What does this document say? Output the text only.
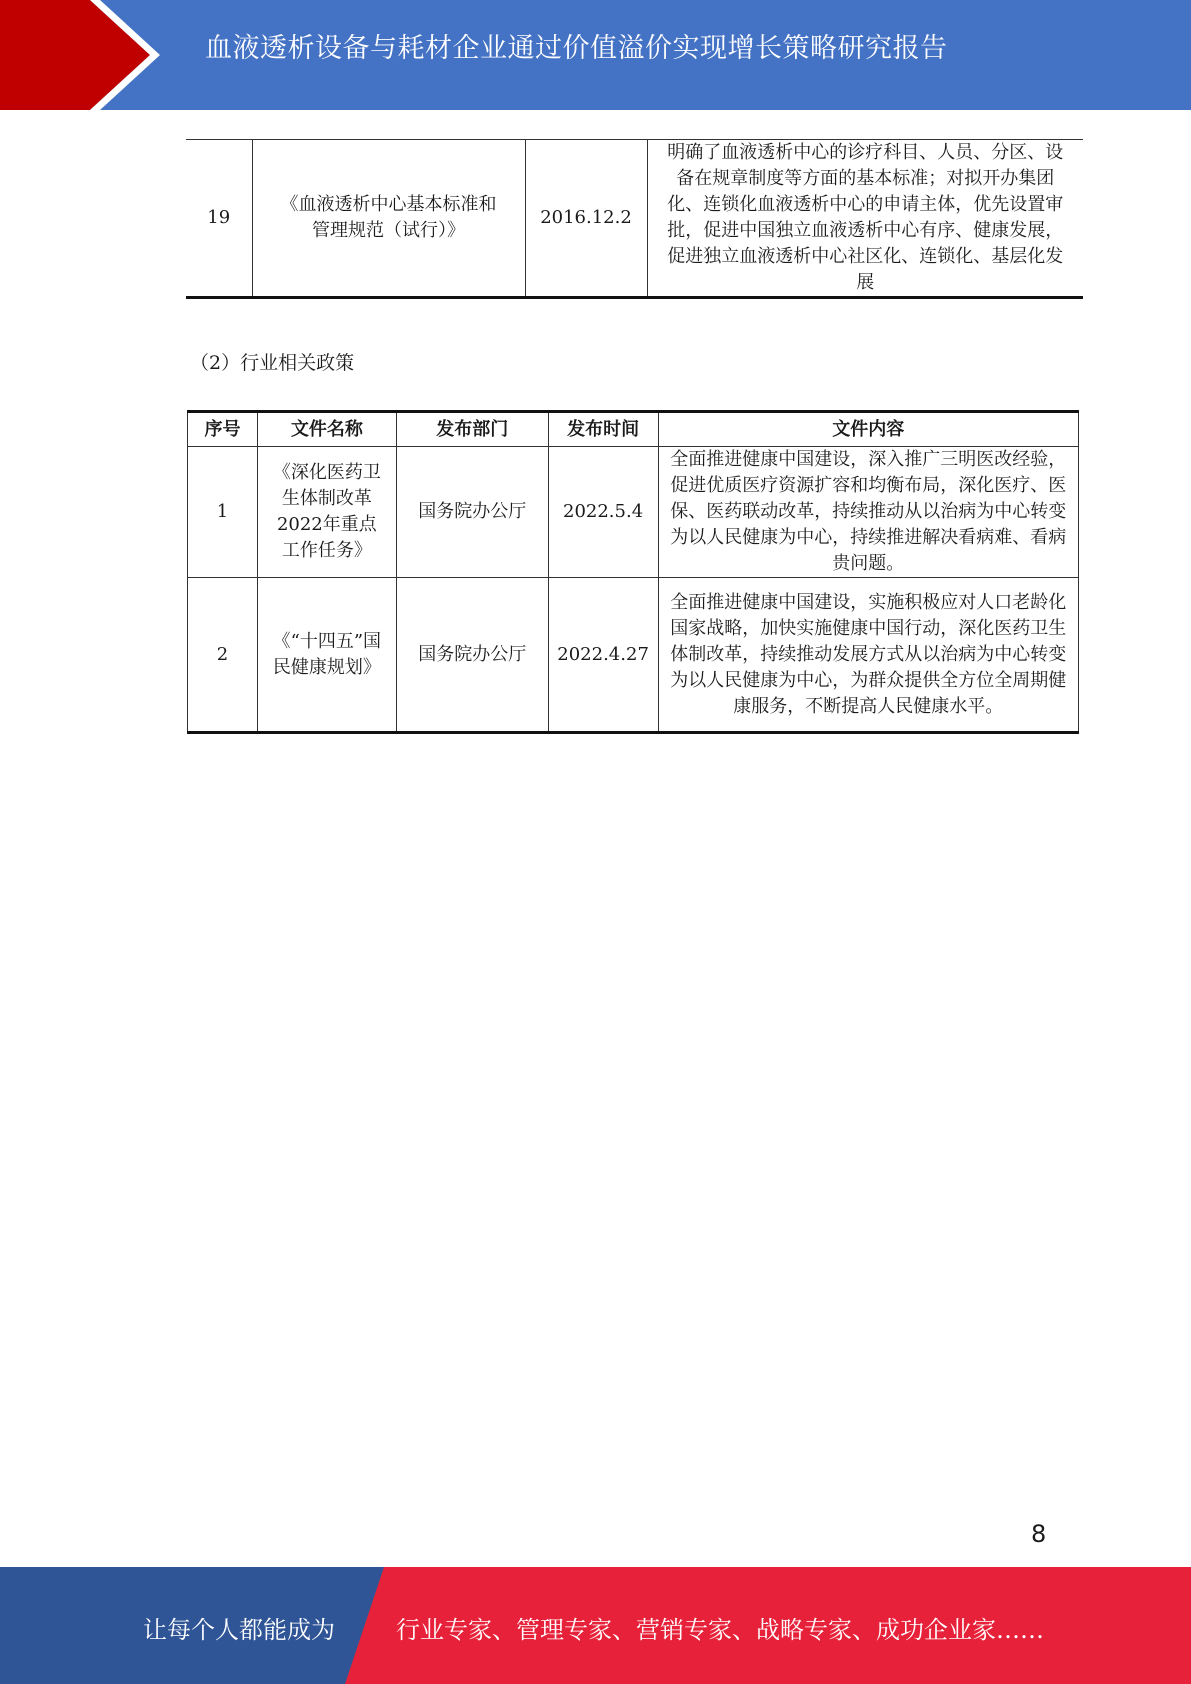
血液透析设备与耗材企业通过价值溢价实现增长策略研究报告
19	《血液透析中心基本标准和管理规范（试行）》	2016.12.2	明确了血液透析中心的诊疗科目、人员、分区、设备在规章制度等方面的基本标准；对拟开办集团化、连锁化血液透析中心的申请主体，优先设置审批，促进中国独立血液透析中心有序、健康发展，促进独立血液透析中心社区化、连锁化、基层化发展
（2）行业相关政策
序号	文件名称	发布部门	发布时间	文件内容
1	《深化医药卫生体制改革2022年重点工作任务》	国务院办公厅	2022.5.4	全面推进健康中国建设，深入推广三明医改经验，促进优质医疗资源扩容和均衡布局，深化医疗、医保、医药联动改革，持续推动从以治病为中心转变为以人民健康为中心，持续推进解决看病难、看病贵问题。
2	《“十四五”国民健康规划》	国务院办公厅	2022.4.27	全面推进健康中国建设，实施积极应对人口老龄化国家战略，加快实施健康中国行动，深化医药卫生体制改革，持续推动发展方式从以治病为中心转变为以人民健康为中心，为群众提供全方位全周期健康服务，不断提高人民健康水平。
8
让每个人都能成为	行业专家、管理专家、营销专家、战略专家、成功企业家……
